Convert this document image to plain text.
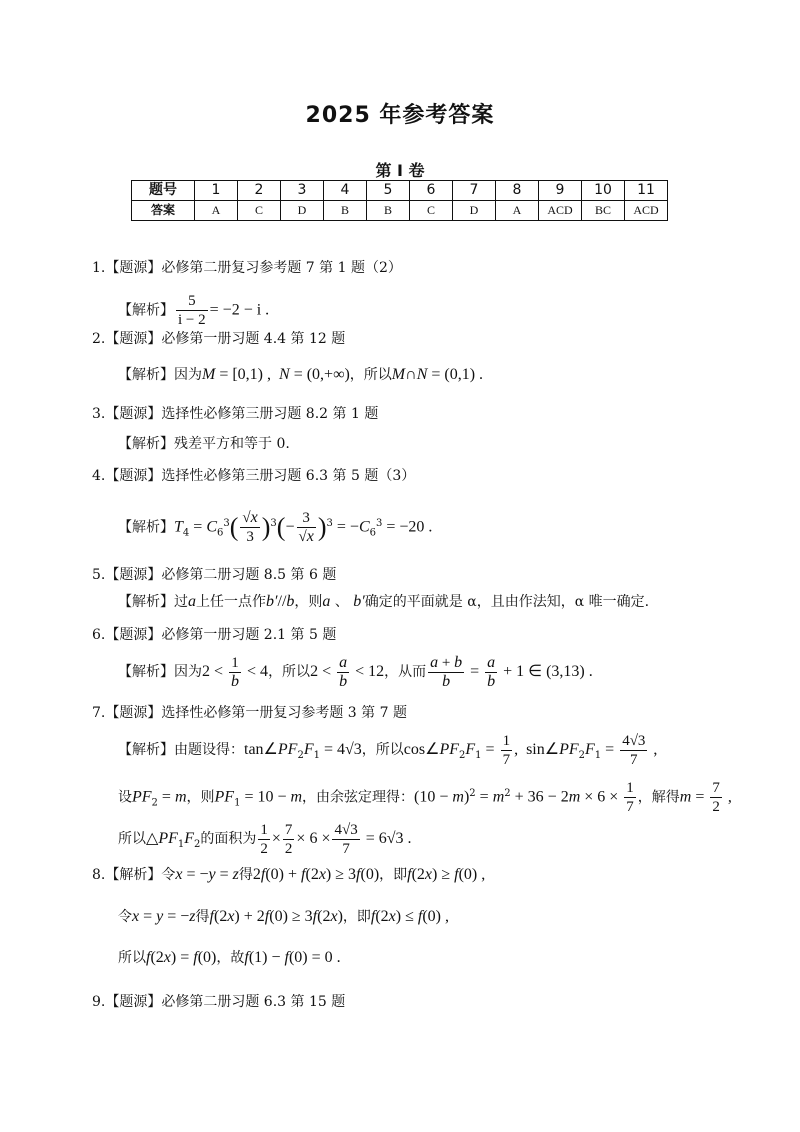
2025 年参考答案
第 I 卷
题号	1	2	3	4	5	6	7	8	9	10	11
答案	A	C	D	B	B	C	D	A	ACD	BC	ACD
1.【题源】必修第二册复习参考题 7 第 1 题（2）
【解析】 $\frac{5}{i - 2} = -2 - i$ .
2.【题源】必修第一册习题 4.4 第 12 题
【解析】因为M = [0,1) ,  N = (0,+∞)，所以M∩N = (0,1) .
3.【题源】选择性必修第三册习题 8.2 第 1 题
【解析】残差平方和等于 0.
4.【题源】选择性必修第三册习题 6.3 第 5 题（3）
【解析】$T_4 = C_6^3( \frac{√x}{3} )^3(- \frac{3}{√x} )^3 = -C_6^3 = -20$ .
5.【题源】必修第二册习题 8.5 第 6 题
【解析】过a上任一点作b′//b，则a 、 b′确定的平面就是 α，且由作法知，α 唯一确定.
6.【题源】必修第一册习题 2.1 第 5 题
【解析】因为$2 < \frac{1}{b} < 4$，所以$2 < \frac{a}{b} < 12$，从而 $\frac{a + b}{b} = \frac{a}{b} + 1$ ∈ (3,13) .
7.【题源】选择性必修第一册复习参考题 3 第 7 题
【解析】由题设得：$\tan\angle PF_2F_1 = 4√3$，所以$\cos\angle PF_2F_1 = \frac{1}{7}$ ,  $\sin\angle PF_2F_1 = \frac{4√3}{7}$ ,
设$PF_2 = m$，则$PF_1 = 10 - m$，由余弦定理得：$(10 - m)^2 = m^2 + 36 - 2m \times 6 \times \frac{1}{7}$ ，解得$m = \frac{7}{2}$ ,
所以$\triangle PF_1F_2$的面积为 $\frac{1}{2} \times \frac{7}{2} \times 6 \times \frac{4√3}{7} = 6√3$ .
8.【解析】令x = −y = z得2f(0) + f(2x) ≥ 3f(0)，即f(2x) ≥ f(0) ,
令x = y = −z得f(2x) + 2f(0) ≥ 3f(2x)，即f(2x) ≤ f(0) ,
所以f(2x) = f(0)，故f(1) − f(0) = 0 .
9.【题源】必修第二册习题 6.3 第 15 题
